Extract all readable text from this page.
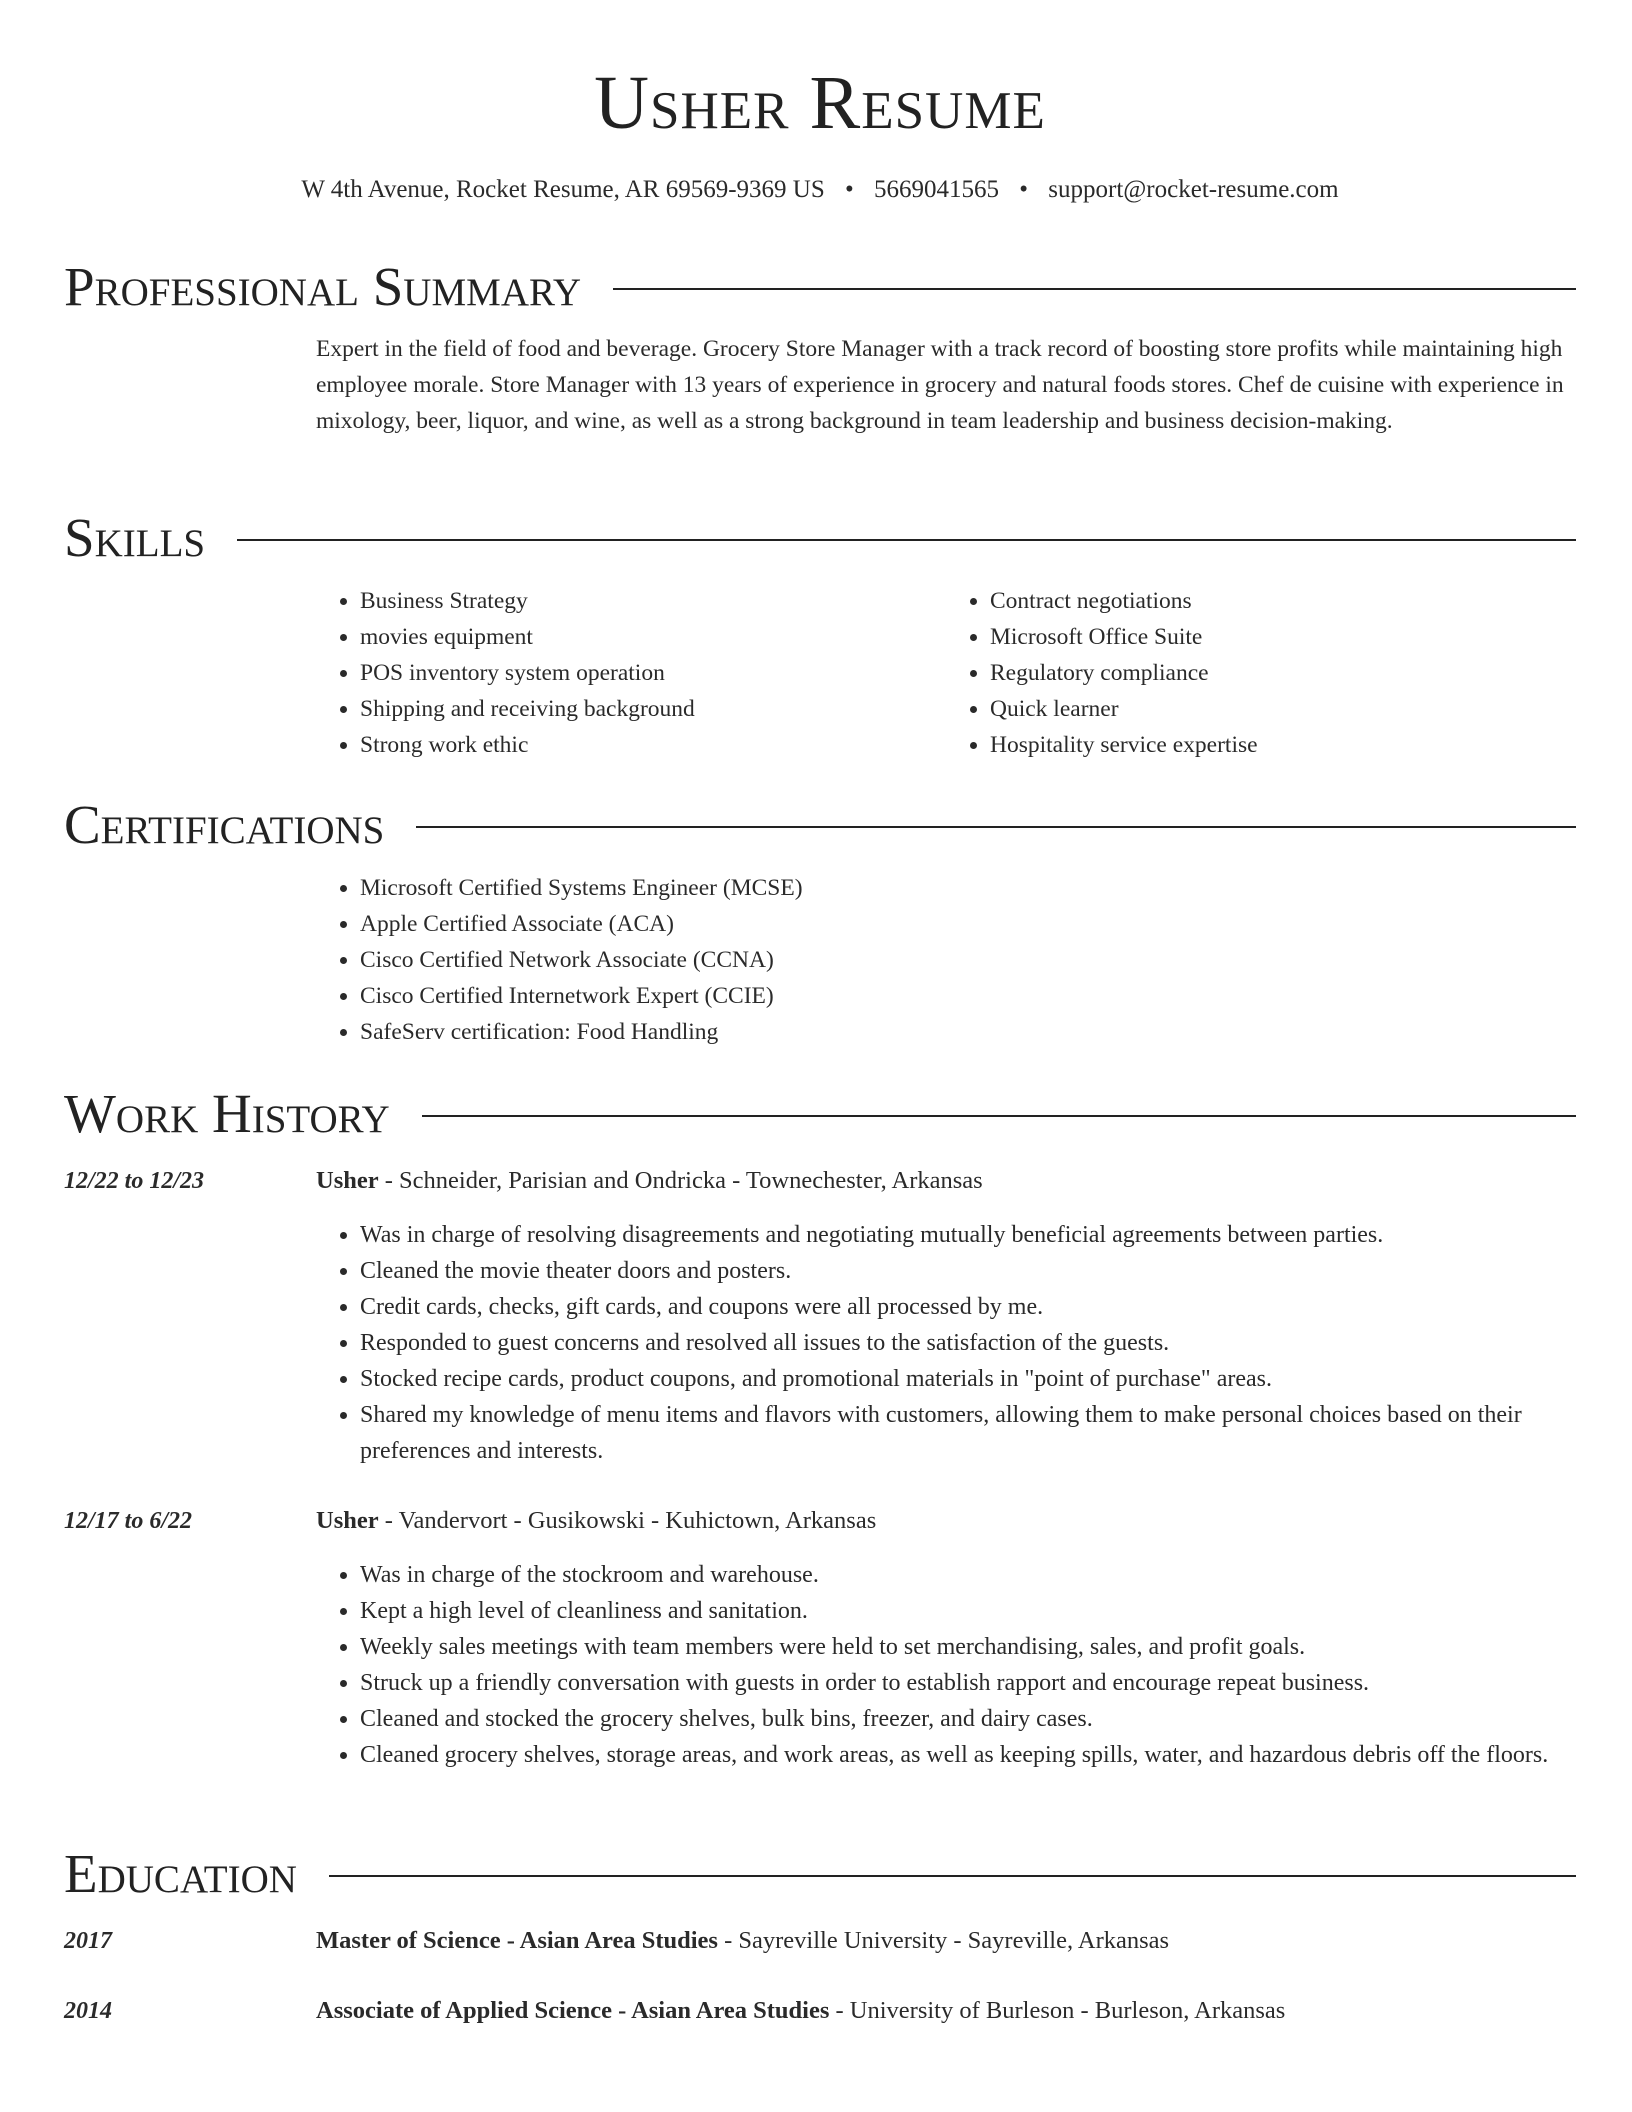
Usher Resume
W 4th Avenue, Rocket Resume, AR 69569-9369 US • 5669041565 • support@rocket-resume.com
Professional Summary
Expert in the field of food and beverage. Grocery Store Manager with a track record of boosting store profits while maintaining high employee morale. Store Manager with 13 years of experience in grocery and natural foods stores. Chef de cuisine with experience in mixology, beer, liquor, and wine, as well as a strong background in team leadership and business decision-making.
Skills
• Business Strategy
• movies equipment
• POS inventory system operation
• Shipping and receiving background
• Strong work ethic
• Contract negotiations
• Microsoft Office Suite
• Regulatory compliance
• Quick learner
• Hospitality service expertise
Certifications
• Microsoft Certified Systems Engineer (MCSE)
• Apple Certified Associate (ACA)
• Cisco Certified Network Associate (CCNA)
• Cisco Certified Internetwork Expert (CCIE)
• SafeServ certification: Food Handling
Work History
12/22 to 12/23	Usher - Schneider, Parisian and Ondricka - Townechester, Arkansas
• Was in charge of resolving disagreements and negotiating mutually beneficial agreements between parties.
• Cleaned the movie theater doors and posters.
• Credit cards, checks, gift cards, and coupons were all processed by me.
• Responded to guest concerns and resolved all issues to the satisfaction of the guests.
• Stocked recipe cards, product coupons, and promotional materials in "point of purchase" areas.
• Shared my knowledge of menu items and flavors with customers, allowing them to make personal choices based on their preferences and interests.
12/17 to 6/22	Usher - Vandervort - Gusikowski - Kuhictown, Arkansas
• Was in charge of the stockroom and warehouse.
• Kept a high level of cleanliness and sanitation.
• Weekly sales meetings with team members were held to set merchandising, sales, and profit goals.
• Struck up a friendly conversation with guests in order to establish rapport and encourage repeat business.
• Cleaned and stocked the grocery shelves, bulk bins, freezer, and dairy cases.
• Cleaned grocery shelves, storage areas, and work areas, as well as keeping spills, water, and hazardous debris off the floors.
Education
2017	Master of Science - Asian Area Studies - Sayreville University - Sayreville, Arkansas
2014	Associate of Applied Science - Asian Area Studies - University of Burleson - Burleson, Arkansas
